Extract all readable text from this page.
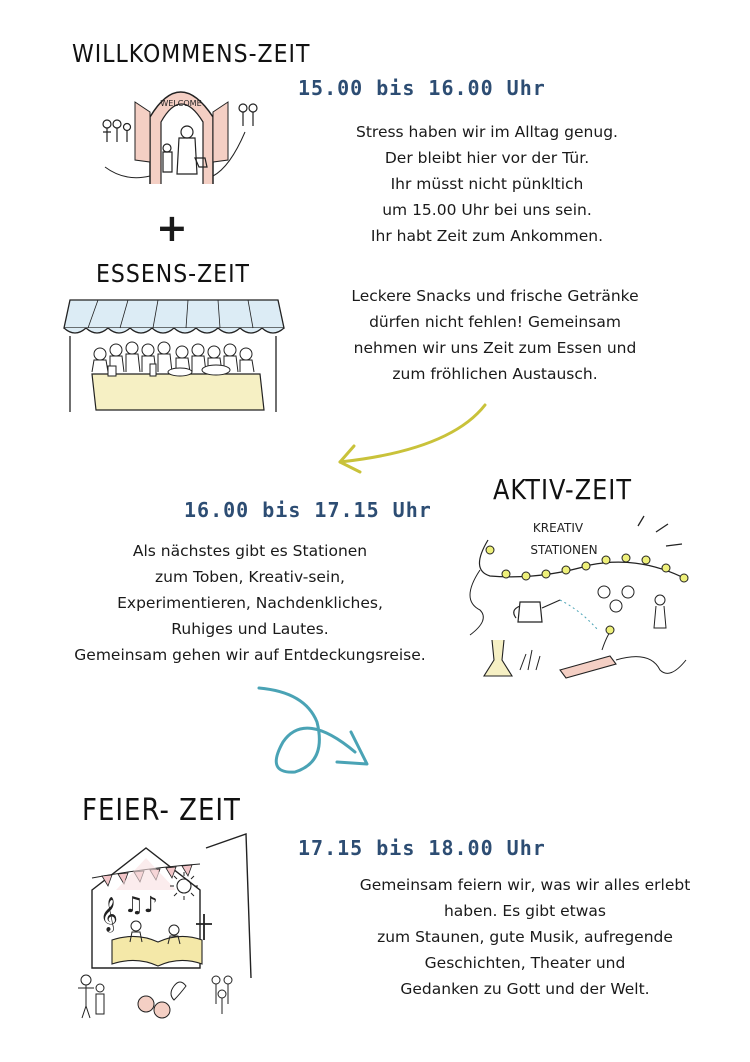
WILLKOMMENS-ZEIT
WELCOME
15.00 bis 16.00 Uhr
Stress haben wir im Alltag genug.
Der bleibt hier vor der Tür.
Ihr müsst nicht pünkltich
um 15.00 Uhr bei uns sein.
Ihr habt Zeit zum Ankommen.
+
ESSENS-ZEIT
Leckere Snacks und frische Getränke
dürfen nicht fehlen! Gemeinsam
nehmen wir uns Zeit zum Essen und
zum fröhlichen Austausch.
AKTIV-ZEIT
16.00 bis 17.15 Uhr
Als nächstes gibt es Stationen
zum Toben, Kreativ-sein,
Experimentieren, Nachdenkliches,
Ruhiges und Lautes.
Gemeinsam gehen wir auf Entdeckungsreise.
KREATIV
STATIONEN
FEIER- ZEIT
𝄞 ♫♪
17.15 bis 18.00 Uhr
Gemeinsam feiern wir, was wir alles erlebt
haben. Es gibt etwas
zum Staunen, gute Musik, aufregende
Geschichten, Theater und
Gedanken zu Gott und der Welt.
